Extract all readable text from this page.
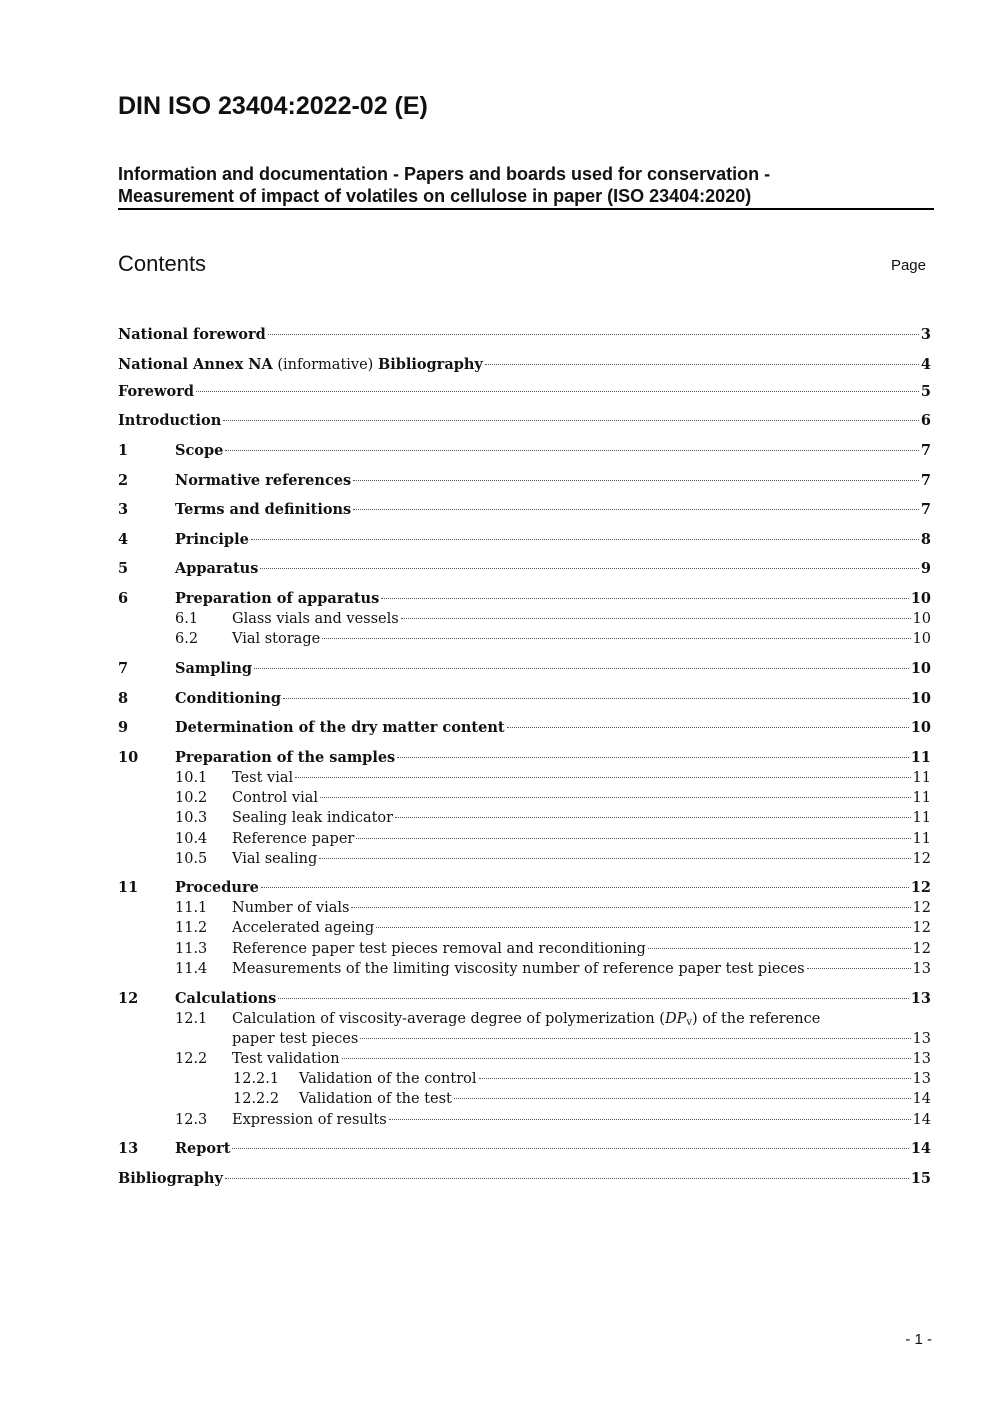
DIN ISO 23404:2022-02 (E)
Information and documentation - Papers and boards used for conservation -
Measurement of impact of volatiles on cellulose in paper (ISO 23404:2020)
Contents	Page
National foreword	3
National Annex NA (informative) Bibliography	4
Foreword	5
Introduction	6
1	Scope	7
2	Normative references	7
3	Terms and definitions	7
4	Principle	8
5	Apparatus	9
6	Preparation of apparatus	10
6.1	Glass vials and vessels	10
6.2	Vial storage	10
7	Sampling	10
8	Conditioning	10
9	Determination of the dry matter content	10
10	Preparation of the samples	11
10.1	Test vial	11
10.2	Control vial	11
10.3	Sealing leak indicator	11
10.4	Reference paper	11
10.5	Vial sealing	12
11	Procedure	12
11.1	Number of vials	12
11.2	Accelerated ageing	12
11.3	Reference paper test pieces removal and reconditioning	12
11.4	Measurements of the limiting viscosity number of reference paper test pieces	13
12	Calculations	13
12.1	Calculation of viscosity-average degree of polymerization $(DP_v)$ of the reference
paper test pieces	13
12.2	Test validation	13
12.2.1	Validation of the control	13
12.2.2	Validation of the test	14
12.3	Expression of results	14
13	Report	14
Bibliography	15
- 1 -
